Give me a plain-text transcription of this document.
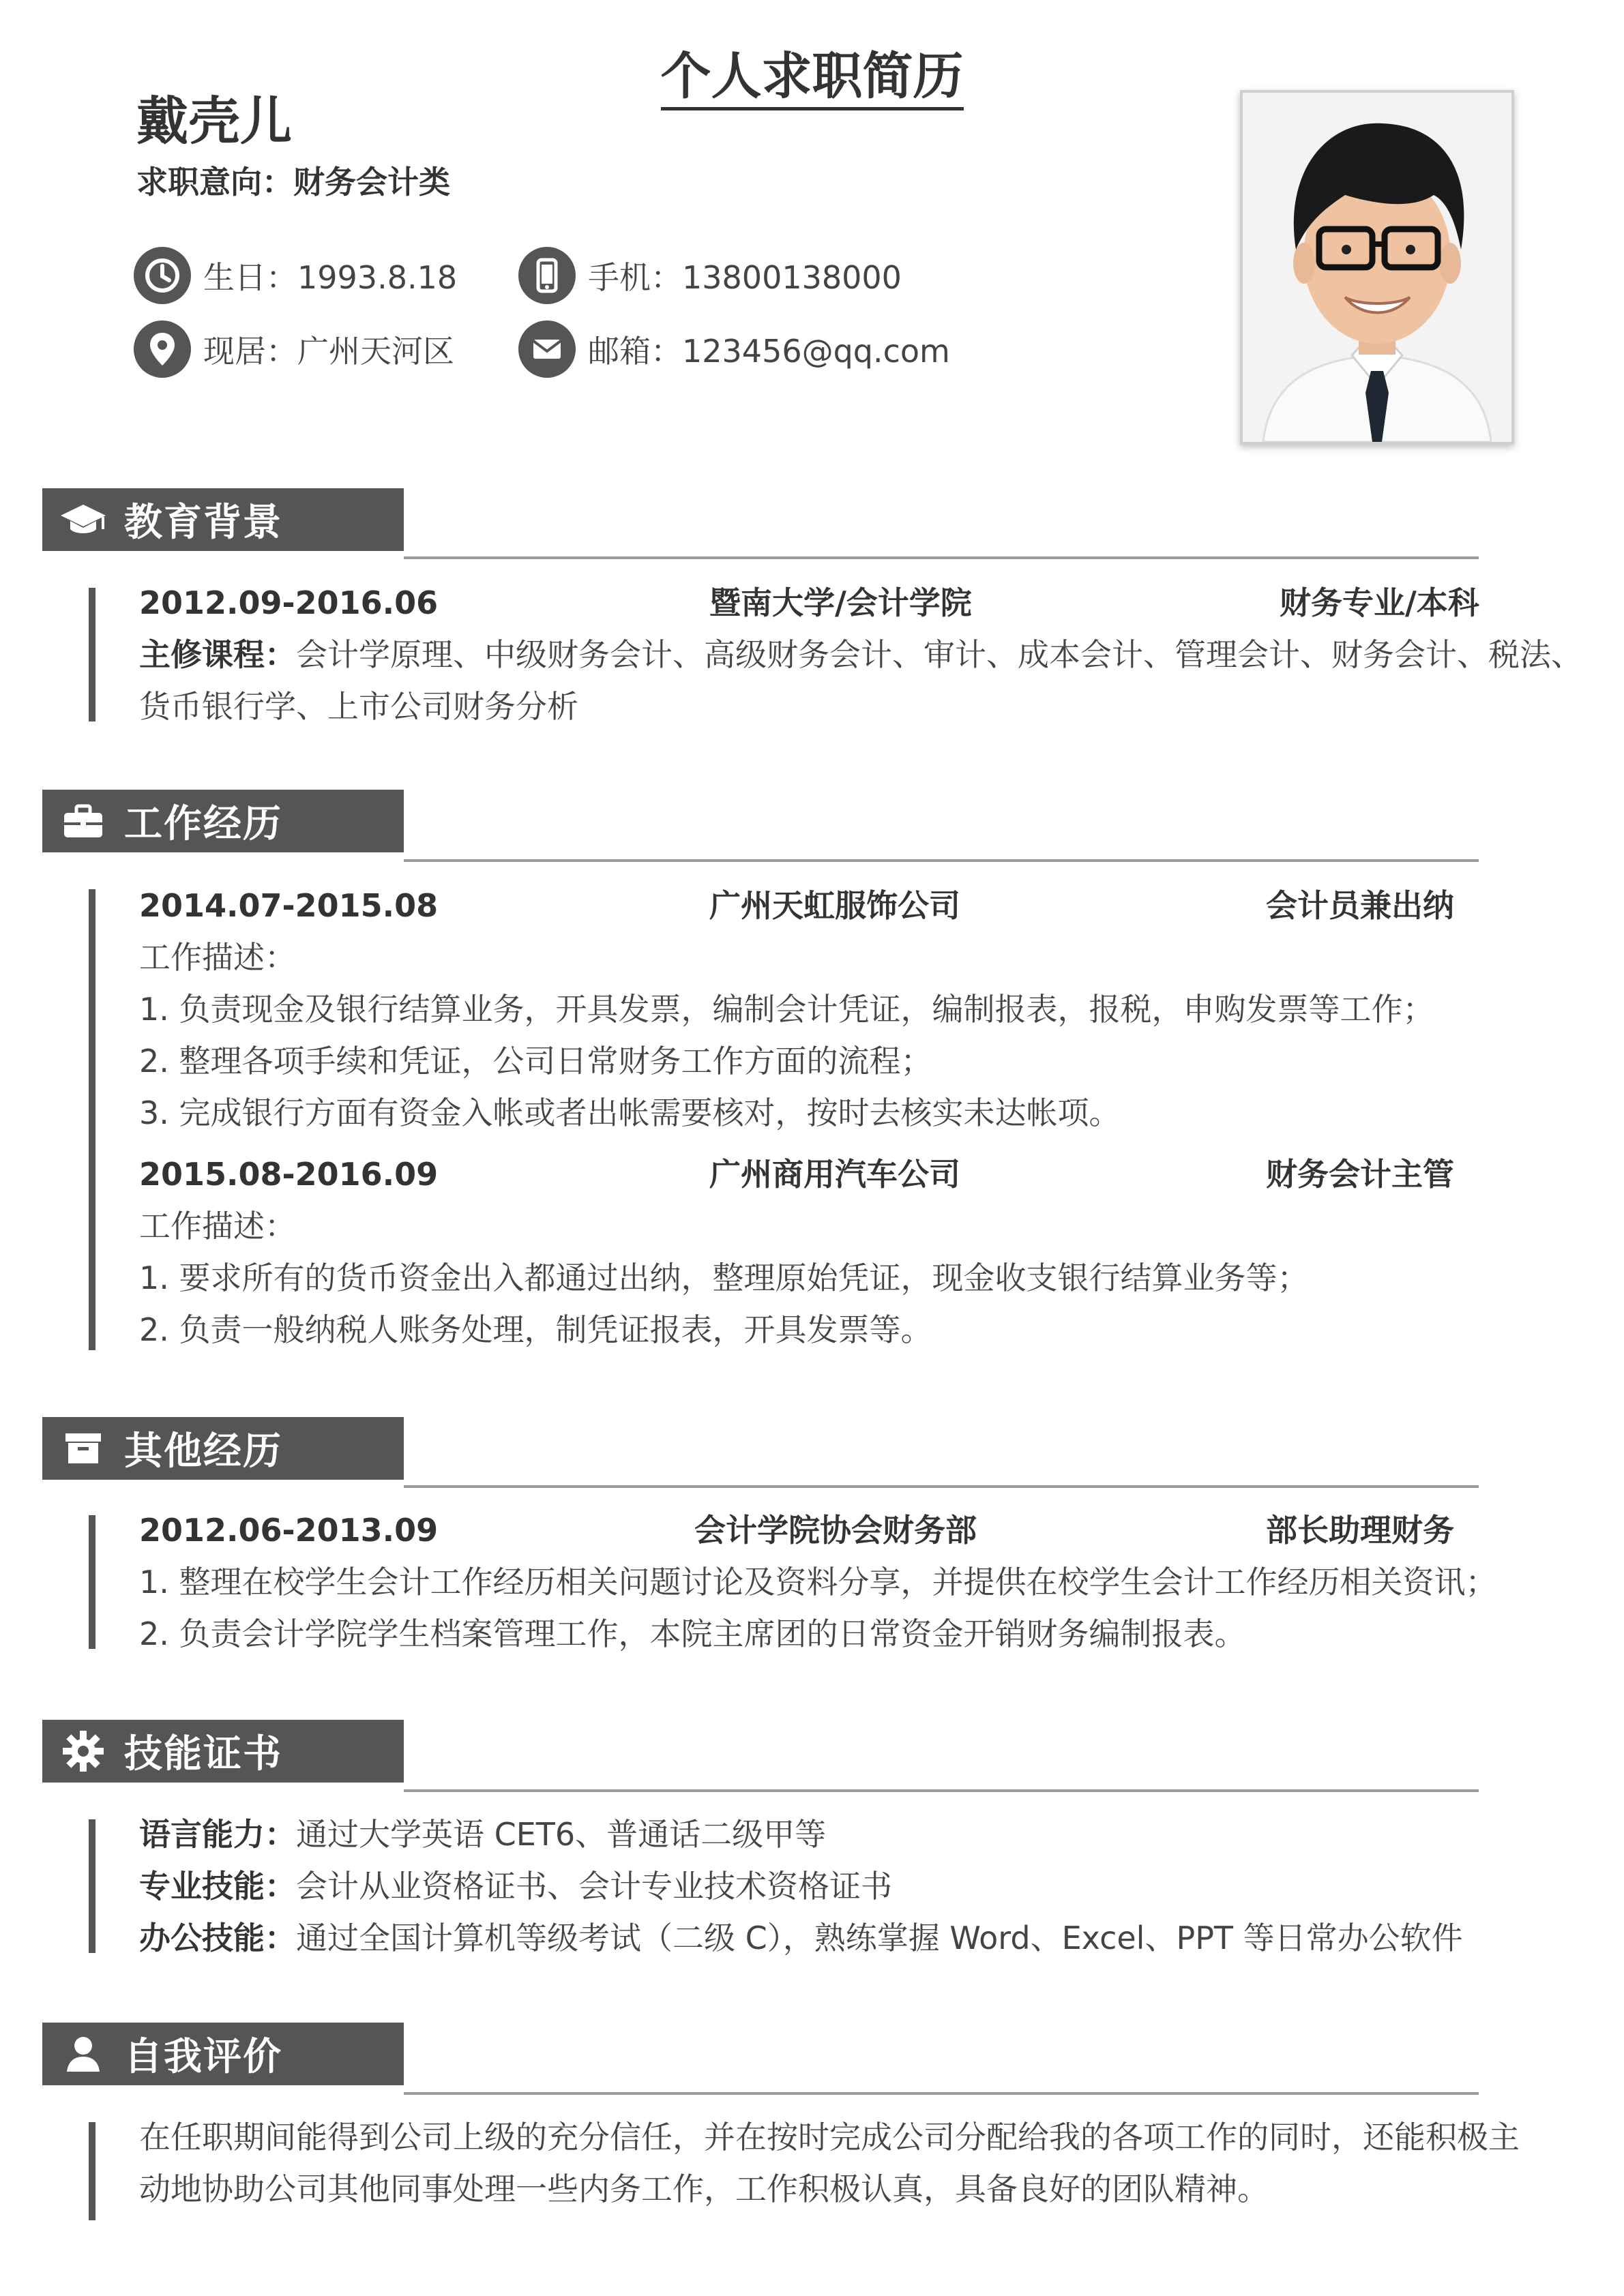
个人求职简历
戴壳儿
求职意向：财务会计类
生日：1993.8.18	手机：13800138000
现居：广州天河区	邮箱：123456@qq.com
教育背景
2012.09-2016.06	暨南大学/会计学院	财务专业/本科
主修课程：会计学原理、中级财务会计、高级财务会计、审计、成本会计、管理会计、财务会计、税法、
货币银行学、上市公司财务分析
工作经历
2014.07-2015.08	广州天虹服饰公司	会计员兼出纳
工作描述：
1. 负责现金及银行结算业务，开具发票，编制会计凭证，编制报表，报税，申购发票等工作；
2. 整理各项手续和凭证，公司日常财务工作方面的流程；
3. 完成银行方面有资金入帐或者出帐需要核对，按时去核实未达帐项。
2015.08-2016.09	广州商用汽车公司	财务会计主管
工作描述：
1. 要求所有的货币资金出入都通过出纳，整理原始凭证，现金收支银行结算业务等；
2. 负责一般纳税人账务处理，制凭证报表，开具发票等。
其他经历
2012.06-2013.09	会计学院协会财务部	部长助理财务
1. 整理在校学生会计工作经历相关问题讨论及资料分享，并提供在校学生会计工作经历相关资讯；
2. 负责会计学院学生档案管理工作，本院主席团的日常资金开销财务编制报表。
技能证书
语言能力：通过大学英语 CET6、普通话二级甲等
专业技能：会计从业资格证书、会计专业技术资格证书
办公技能：通过全国计算机等级考试（二级 C），熟练掌握 Word、Excel、PPT 等日常办公软件
自我评价
在任职期间能得到公司上级的充分信任，并在按时完成公司分配给我的各项工作的同时，还能积极主
动地协助公司其他同事处理一些内务工作，工作积极认真，具备良好的团队精神。
